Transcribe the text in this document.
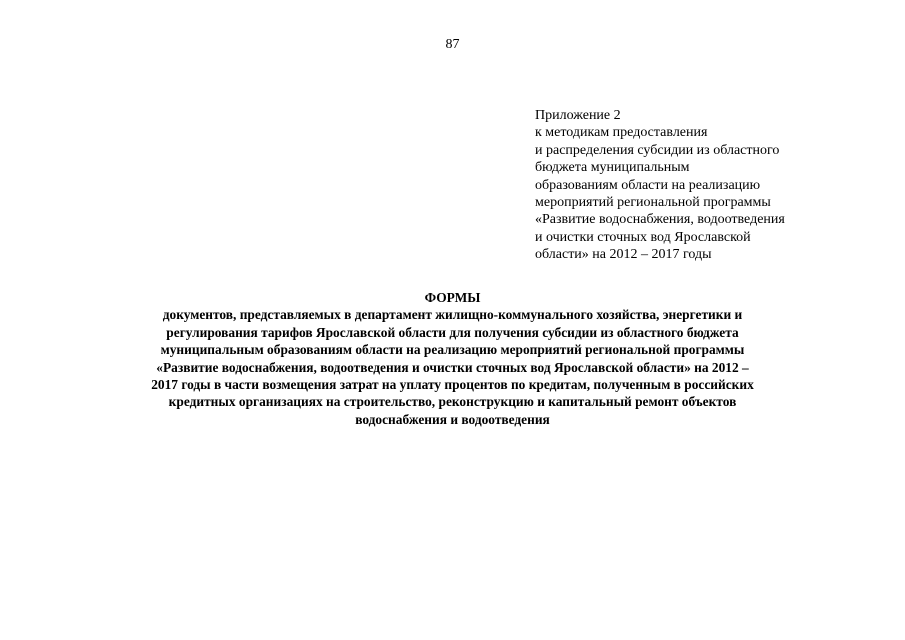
87
Приложение 2
к методикам предоставления
и распределения субсидии из областного
бюджета муниципальным
образованиям области на реализацию
мероприятий региональной программы
«Развитие водоснабжения, водоотведения
и очистки сточных вод Ярославской
области» на 2012 – 2017 годы
ФОРМЫ
документов, представляемых в департамент жилищно-коммунального хозяйства, энергетики и
регулирования тарифов Ярославской области для получения субсидии из областного бюджета
муниципальным образованиям области на реализацию мероприятий региональной программы
«Развитие водоснабжения, водоотведения и очистки сточных вод Ярославской области» на 2012 –
2017 годы в части возмещения затрат на уплату процентов по кредитам, полученным в российских
кредитных организациях на строительство, реконструкцию и капитальный ремонт объектов
водоснабжения и водоотведения
